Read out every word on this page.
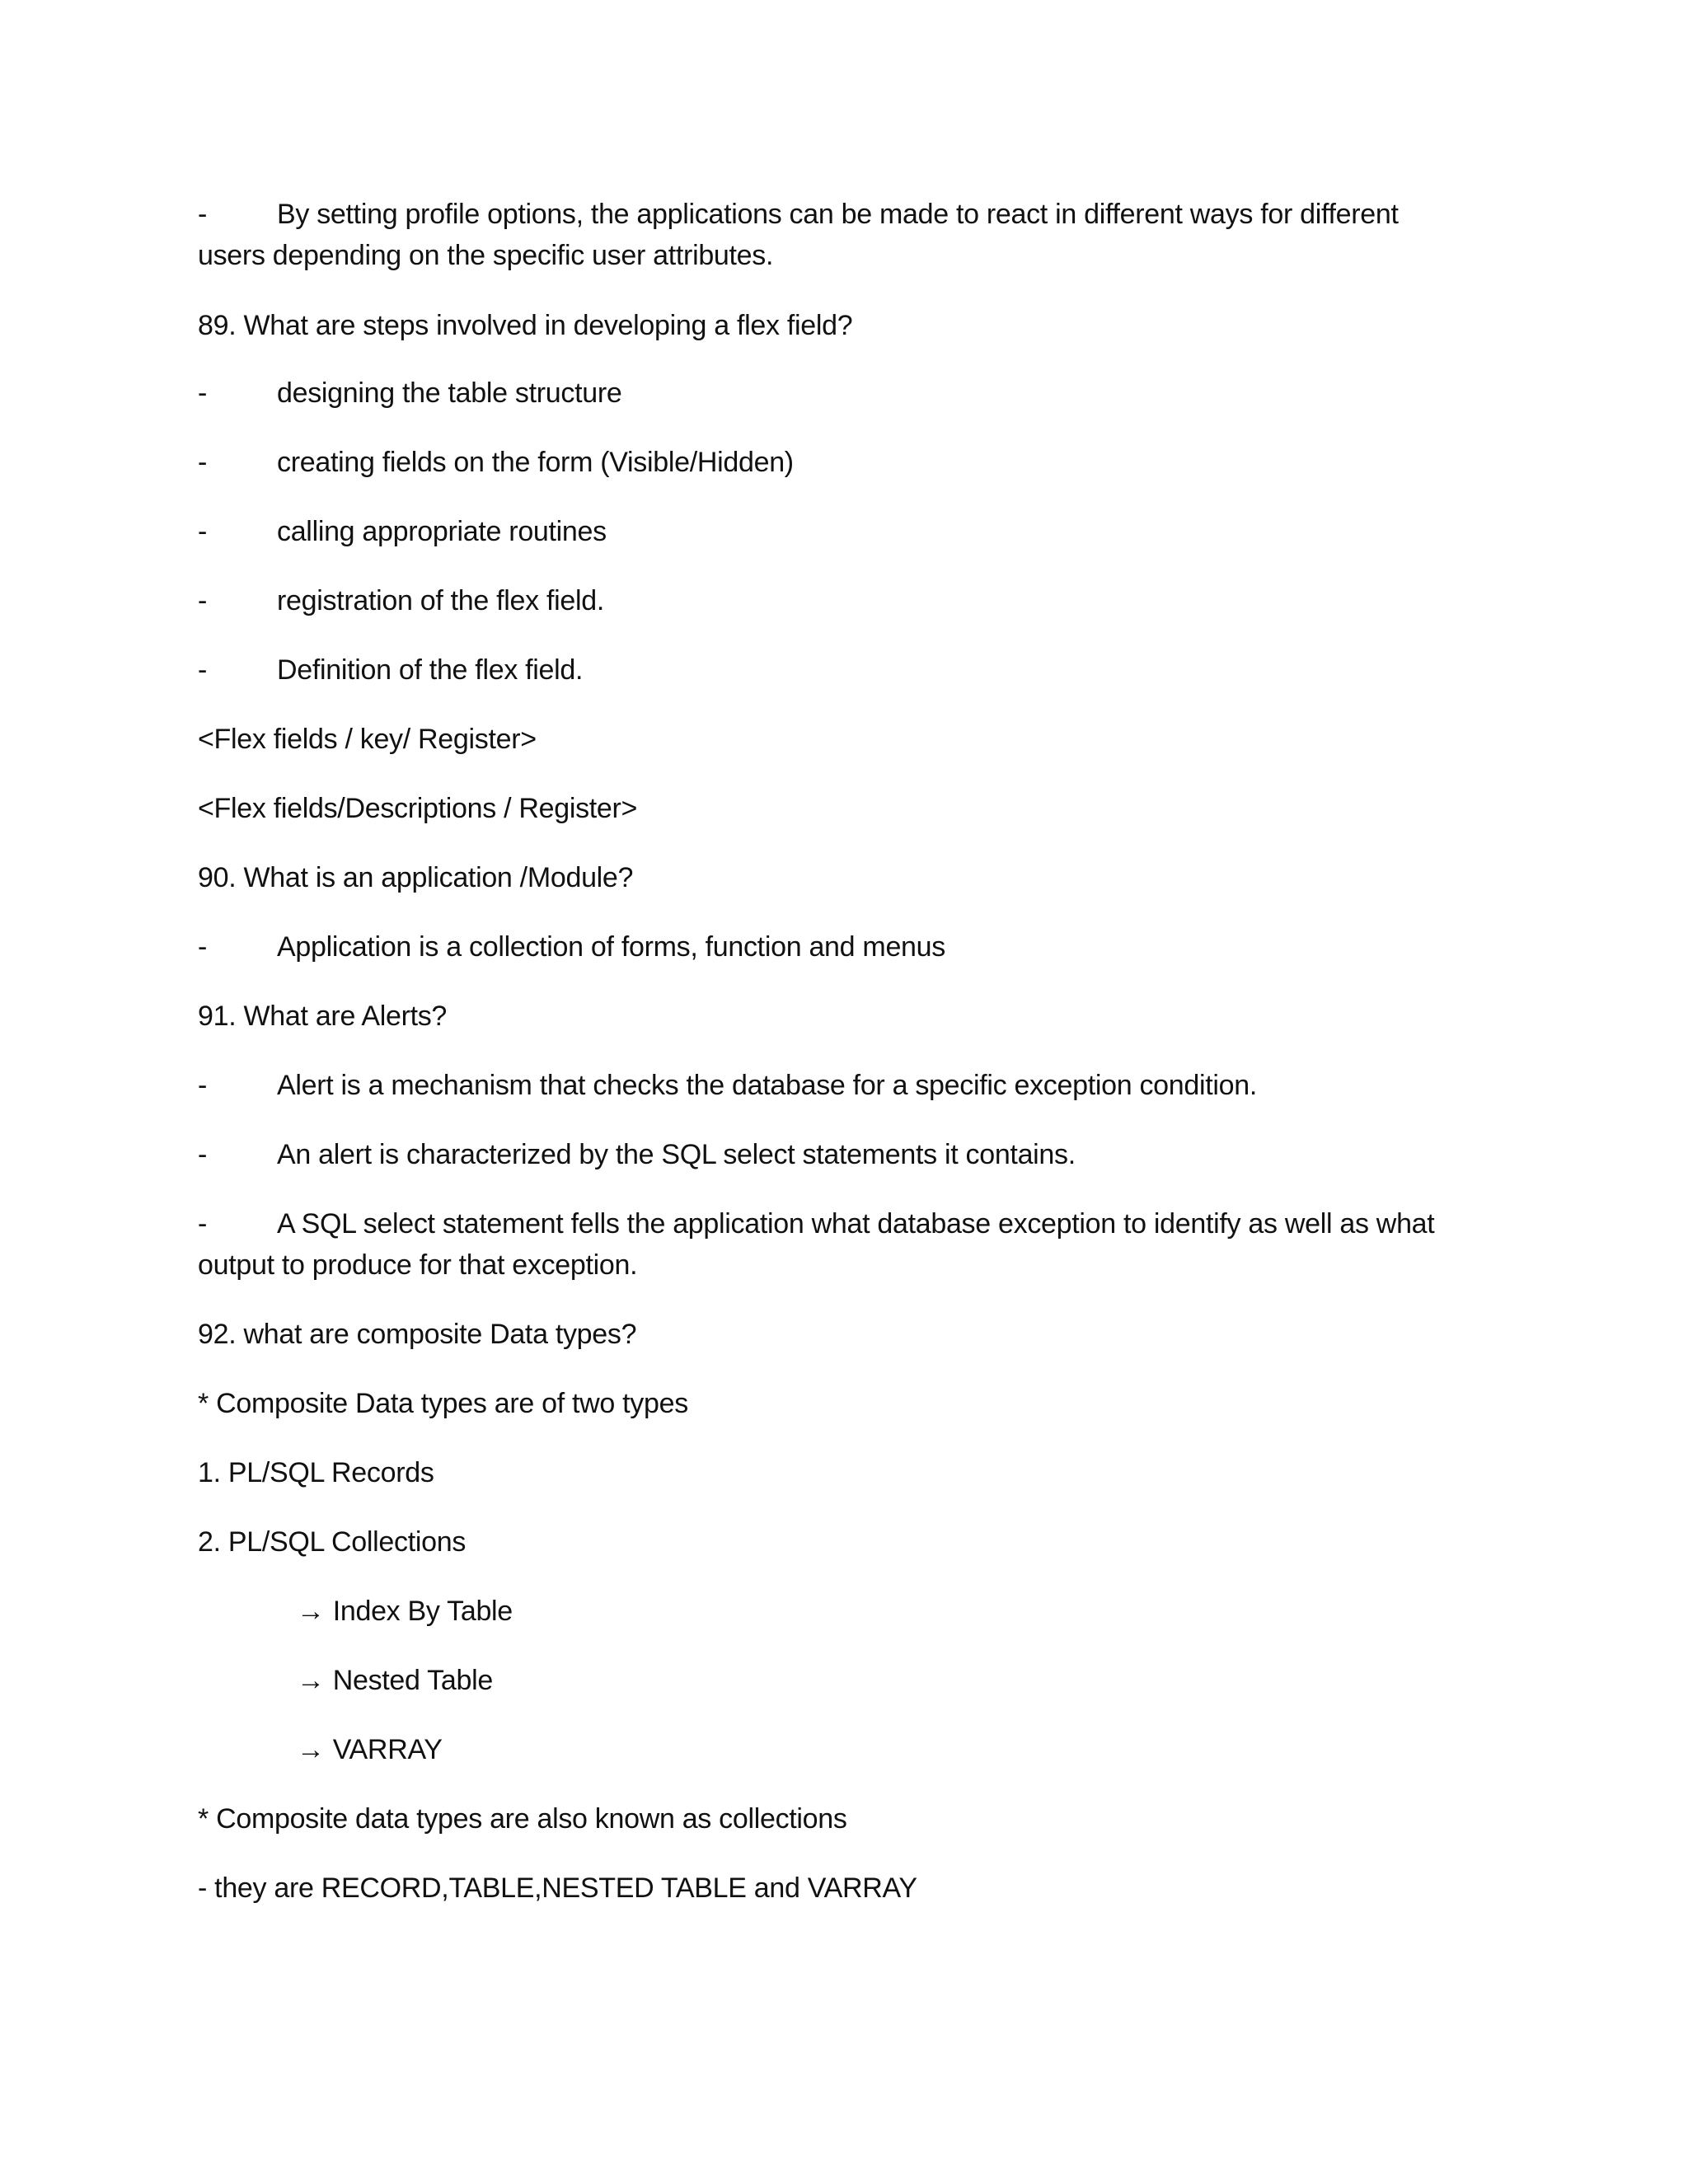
- By setting profile options, the applications can be made to react in different ways for different
users depending on the specific user attributes.
89. What are steps involved in developing a flex field?
- designing the table structure
- creating fields on the form (Visible/Hidden)
- calling appropriate routines
- registration of the flex field.
- Definition of the flex field.
<Flex fields / key/ Register>
<Flex fields/Descriptions / Register>
90. What is an application /Module?
- Application is a collection of forms, function and menus
91. What are Alerts?
- Alert is a mechanism that checks the database for a specific exception condition.
- An alert is characterized by the SQL select statements it contains.
- A SQL select statement fells the application what database exception to identify as well as what
output to produce for that exception.
92. what are composite Data types?
* Composite Data types are of two types
1. PL/SQL Records
2. PL/SQL Collections
→ Index By Table
→ Nested Table
→ VARRAY
* Composite data types are also known as collections
- they are RECORD,TABLE,NESTED TABLE and VARRAY
